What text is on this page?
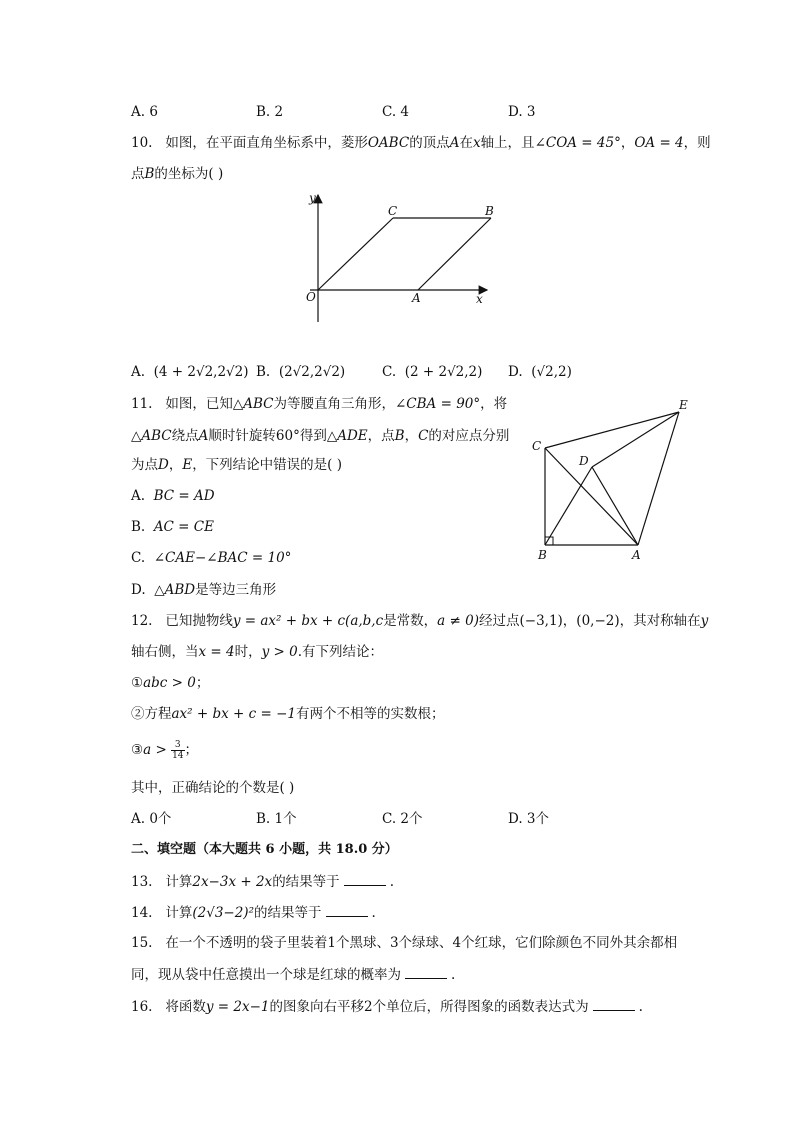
A. 6	B. 2	C. 4	D. 3
10. 如图，在平面直角坐标系中，菱形OABC的顶点A在x轴上，且∠COA = 45°，OA = 4，则
点B的坐标为( )
y
x
O	A
C	B
A. (4 + 2√2,2√2) B. (2√2,2√2)	C. (2 + 2√2,2) D. (√2,2)
11. 如图，已知△ABC为等腰直角三角形，∠CBA = 90°，将
△ABC绕点A顺时针旋转60°得到△ADE，点B，C的对应点分别
为点D，E，下列结论中错误的是( )
A. BC = AD
B. AC = CE
C. ∠CAE−∠BAC = 10°
D. △ABD是等边三角形
E
C
D
B	A
12. 已知抛物线y = ax² + bx + c(a,b,c是常数，a ≠ 0)经过点(−3,1)，(0,−2)，其对称轴在y
轴右侧，当x = 4时，y > 0.有下列结论：
①abc > 0；
②方程ax² + bx + c = −1有两个不相等的实数根；
③a > $\frac{3}{14}$ ；
其中，正确结论的个数是( )
A. 0个	B. 1个	C. 2个	D. 3个
二、填空题（本大题共 6 小题，共 18.0 分）
13. 计算2x−3x + 2x的结果等于	.
14. 计算(2√3−2)²的结果等于	.
15. 在一个不透明的袋子里装着1个黑球、3个绿球、4个红球，它们除颜色不同外其余都相
同，现从袋中任意摸出一个球是红球的概率为	.
16. 将函数y = 2x−1的图象向右平移2个单位后，所得图象的函数表达式为	.
